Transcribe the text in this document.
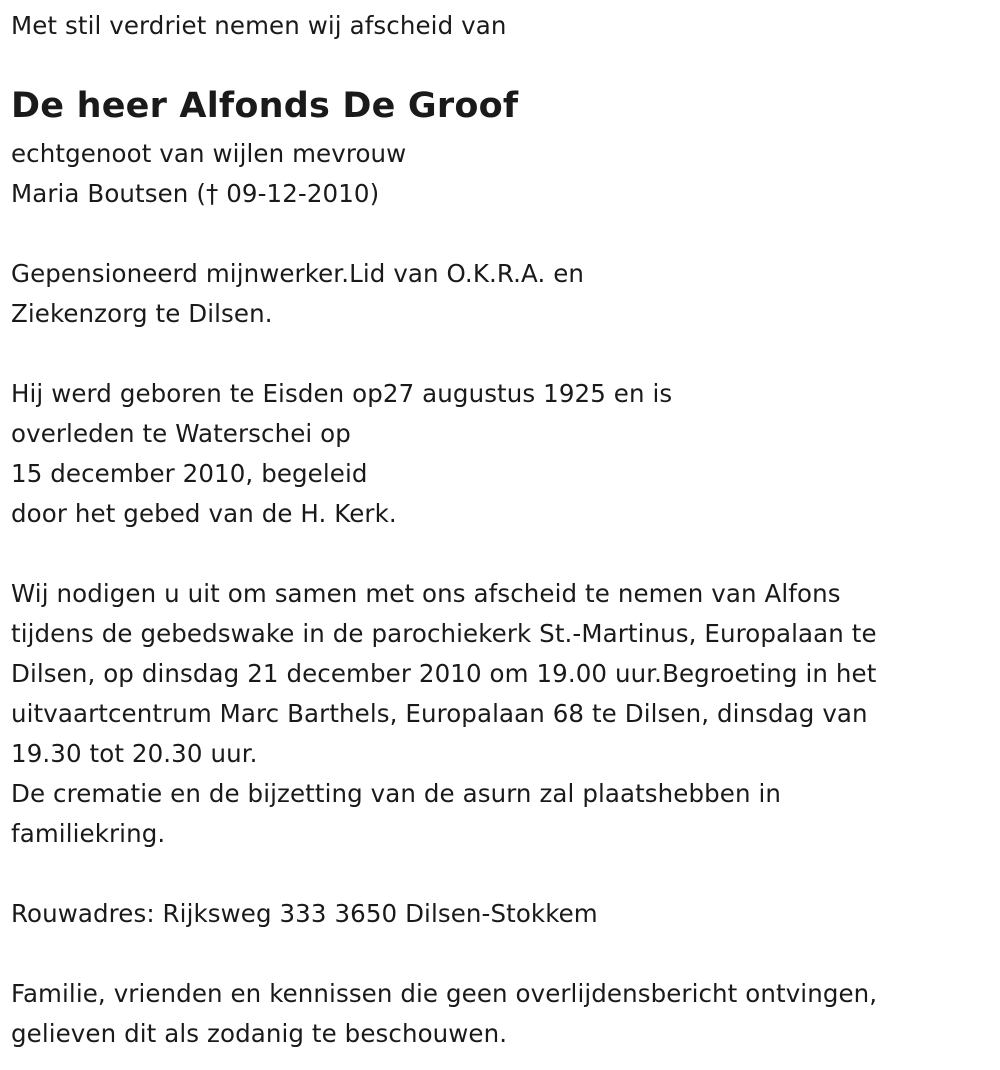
Met stil verdriet nemen wij afscheid van
De heer Alfonds De Groof
echtgenoot van wijlen mevrouw
Maria Boutsen († 09-12-2010)
Gepensioneerd mijnwerker.Lid van O.K.R.A. en
Ziekenzorg te Dilsen.
Hij werd geboren te Eisden op27 augustus 1925 en is
overleden te Waterschei op
15 december 2010, begeleid
door het gebed van de H. Kerk.
Wij nodigen u uit om samen met ons afscheid te nemen van Alfons
tijdens de gebedswake in de parochiekerk St.-Martinus, Europalaan te
Dilsen, op dinsdag 21 december 2010 om 19.00 uur.Begroeting in het
uitvaartcentrum Marc Barthels, Europalaan 68 te Dilsen, dinsdag van
19.30 tot 20.30 uur.
De crematie en de bijzetting van de asurn zal plaatshebben in
familiekring.
Rouwadres: Rijksweg 333 3650 Dilsen-Stokkem
Familie, vrienden en kennissen die geen overlijdensbericht ontvingen,
gelieven dit als zodanig te beschouwen.
